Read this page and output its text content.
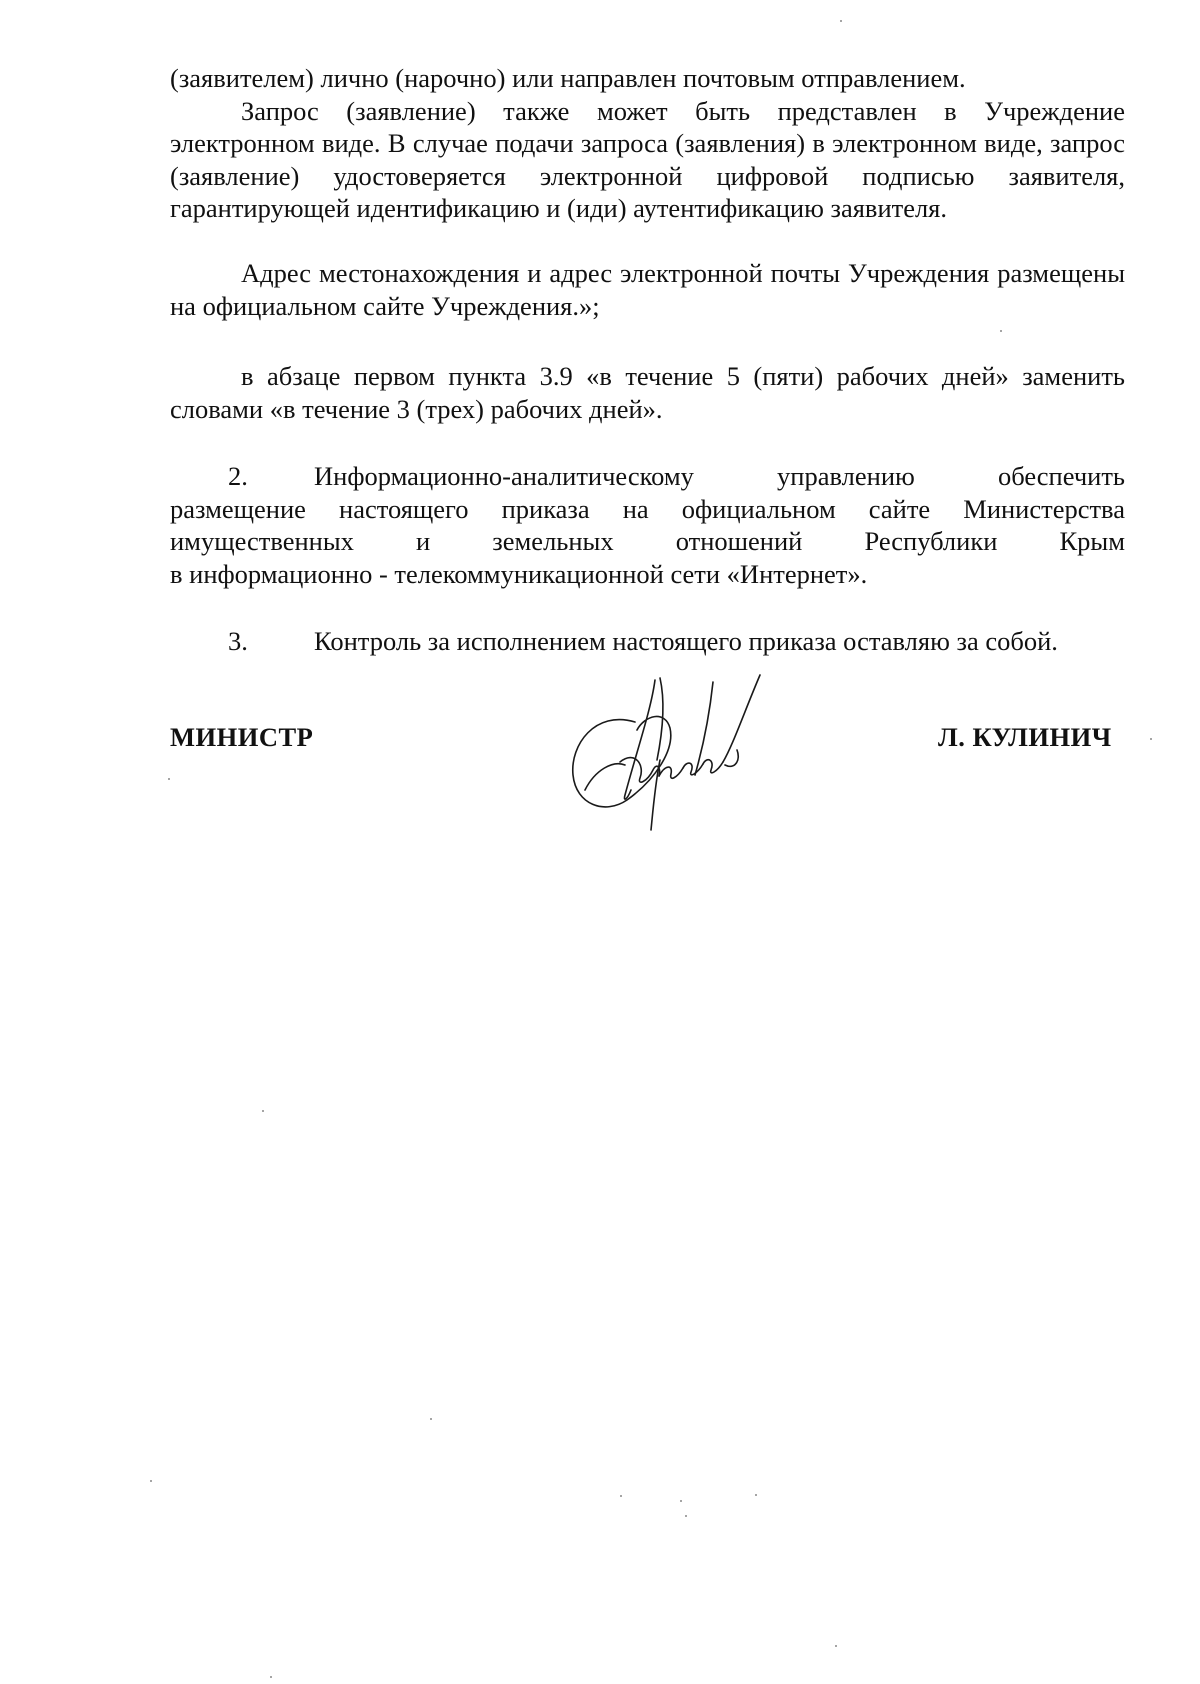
(заявителем) лично (нарочно) или направлен почтовым отправлением.

Запрос (заявление) также может быть представлен в Учреждение электронном виде. В случае подачи запроса (заявления) в электронном виде, запрос (заявление) удостоверяется электронной цифровой подписью заявителя, гарантирующей идентификацию и (иди) аутентификацию заявителя.

Адрес местонахождения и адрес электронной почты Учреждения размещены на официальном сайте Учреждения.»;

в абзаце первом пункта 3.9 «в течение 5 (пяти) рабочих дней» заменить словами «в течение 3 (трех) рабочих дней».

2. Информационно-аналитическому управлению обеспечить
размещение настоящего приказа на официальном сайте Министерства
имущественных и земельных отношений Республики Крым
в информационно - телекоммуникационной сети «Интернет».
3. Контроль за исполнением настоящего приказа оставляю за собой.
МИНИСТР	Л. КУЛИНИЧ
